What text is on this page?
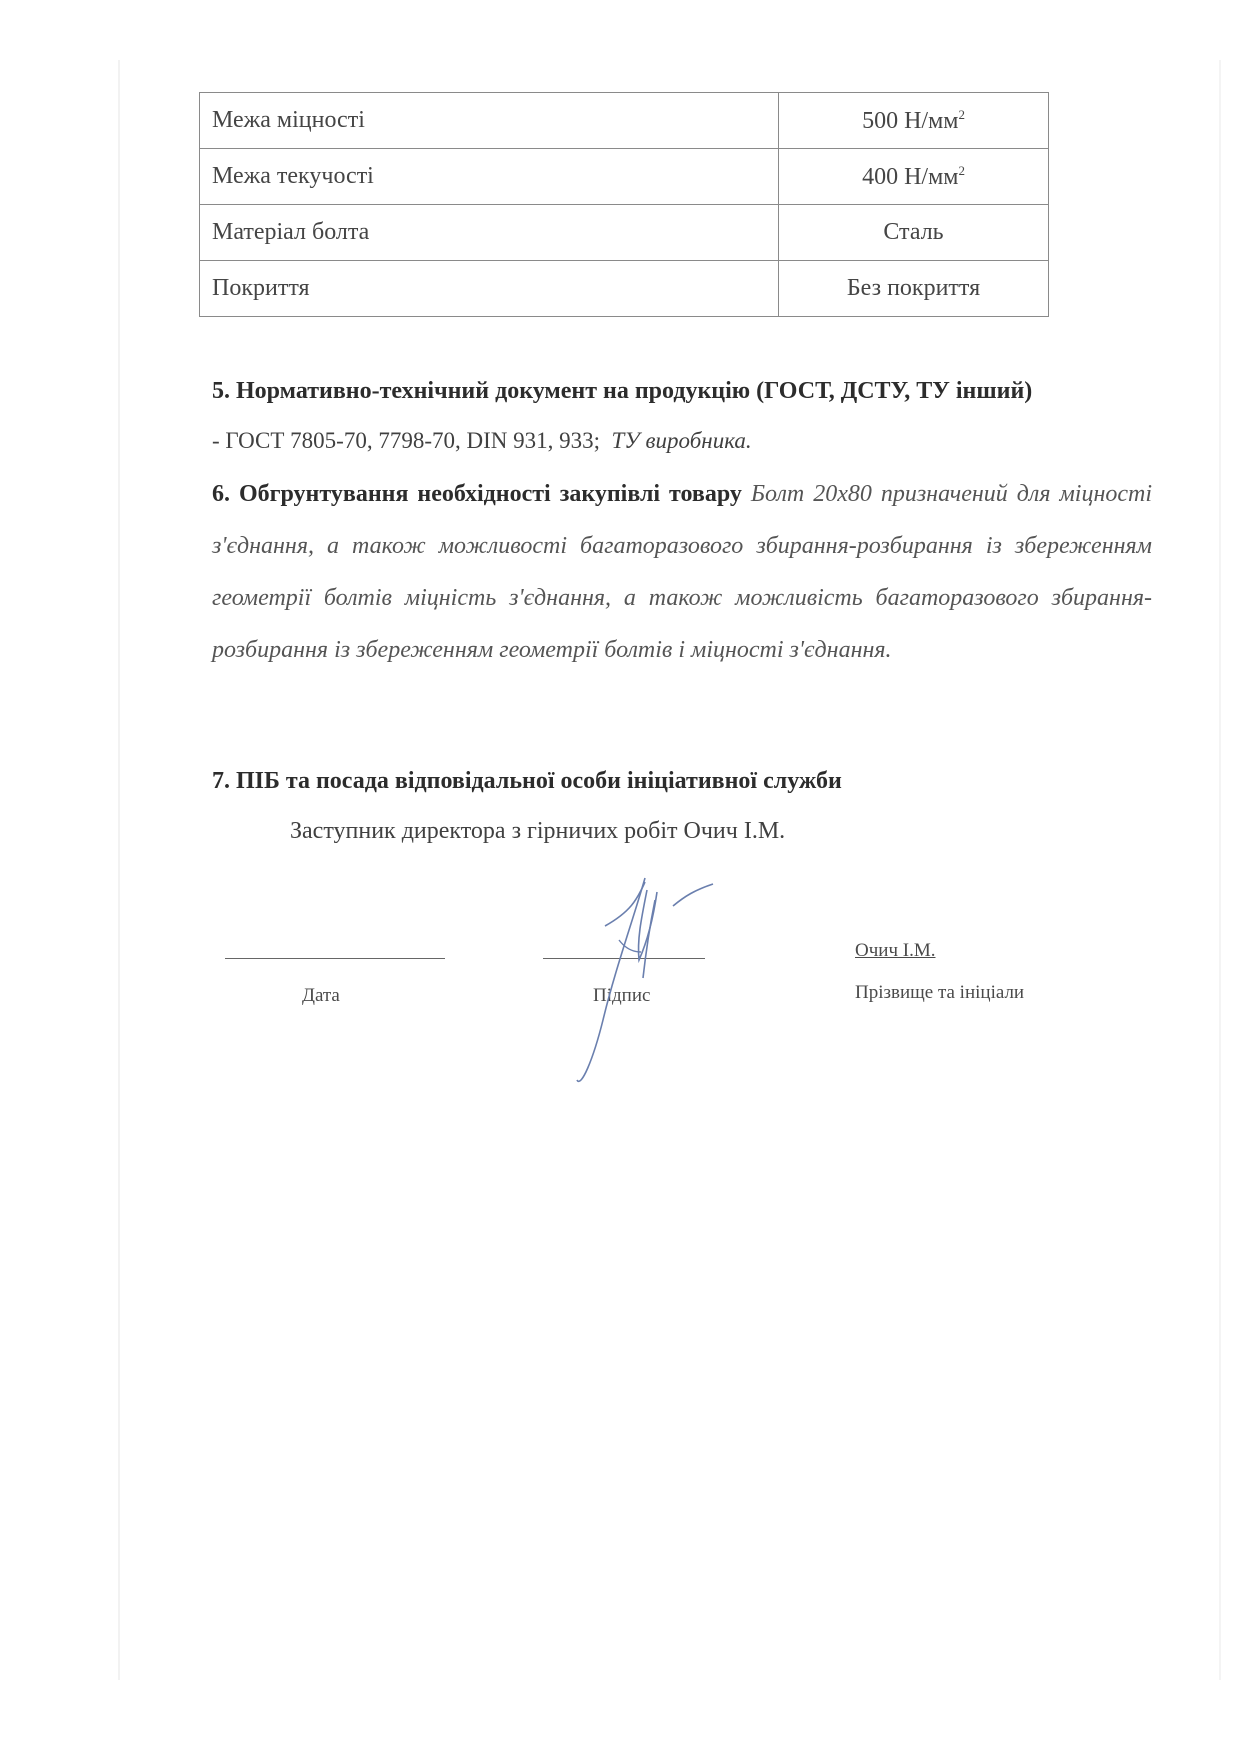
Межа міцності	500 $Н/мм^2$
Межа текучості	400 $Н/мм^2$
Матеріал болта	Сталь
Покриття	Без покриття
5. Нормативно-технічний документ на продукцію (ГОСТ, ДСТУ, ТУ інший)
- ГОСТ 7805-70, 7798-70, DIN 931, 933; ТУ виробника.
6. Обгрунтування необхідності закупівлі товару Болт 20х80 призначений для міцності з'єднання, а також можливості багаторазового збирання-розбирання із збереженням геометрії болтів міцність з'єднання, а також можливість багаторазового збирання-розбирання із збереженням геометрії болтів і міцності з'єднання.
7. ПІБ та посада відповідальної особи ініціативної служби
Заступник директора з гірничих робіт Очич І.М.
Дата	Підпис
Очич І.М.
Прізвище та ініціали
